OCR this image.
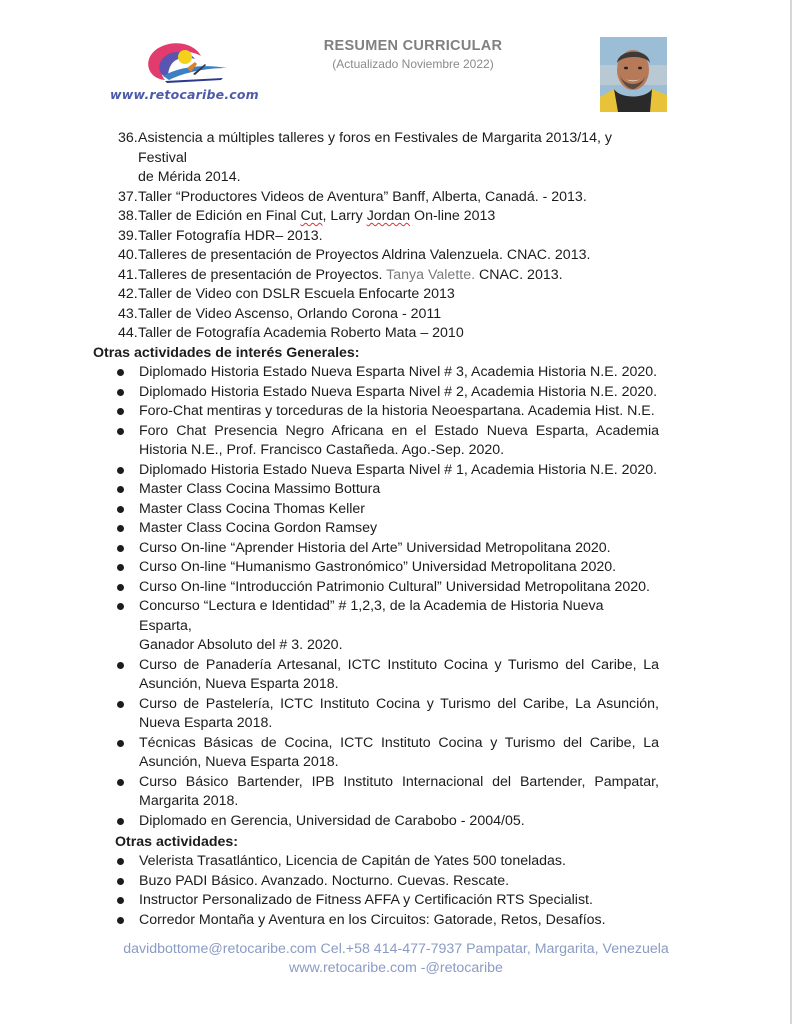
www.retocaribe.com
RESUMEN CURRICULAR
(Actualizado Noviembre 2022)
36. Asistencia a múltiples talleres y foros en Festivales de Margarita 2013/14, y Festival
de Mérida 2014.
37. Taller “Productores Videos de Aventura” Banff, Alberta, Canadá. - 2013.
38. Taller de Edición en Final Cut, Larry Jordan On-line 2013
39. Taller Fotografía HDR– 2013.
40. Talleres de presentación de Proyectos Aldrina Valenzuela. CNAC. 2013.
41. Talleres de presentación de Proyectos. Tanya Valette. CNAC. 2013.
42. Taller de Video con DSLR Escuela Enfocarte 2013
43. Taller de Video Ascenso, Orlando Corona - 2011
44. Taller de Fotografía Academia Roberto Mata – 2010
Otras actividades de interés Generales:
Diplomado Historia Estado Nueva Esparta Nivel # 3, Academia Historia N.E. 2020.
Diplomado Historia Estado Nueva Esparta Nivel # 2, Academia Historia N.E. 2020.
Foro-Chat mentiras y torceduras de la historia Neoespartana. Academia Hist. N.E.
Foro Chat Presencia Negro Africana en el Estado Nueva Esparta, Academia
Historia N.E., Prof. Francisco Castañeda. Ago.-Sep. 2020.
Diplomado Historia Estado Nueva Esparta Nivel # 1, Academia Historia N.E. 2020.
Master Class Cocina Massimo Bottura
Master Class Cocina Thomas Keller
Master Class Cocina Gordon Ramsey
Curso On-line “Aprender Historia del Arte” Universidad Metropolitana 2020.
Curso On-line “Humanismo Gastronómico” Universidad Metropolitana 2020.
Curso On-line “Introducción Patrimonio Cultural” Universidad Metropolitana 2020.
Concurso “Lectura e Identidad” # 1,2,3, de la Academia de Historia Nueva Esparta,
Ganador Absoluto del # 3. 2020.
Curso de Panadería Artesanal, ICTC Instituto Cocina y Turismo del Caribe, La
Asunción, Nueva Esparta 2018.
Curso de Pastelería, ICTC Instituto Cocina y Turismo del Caribe, La Asunción,
Nueva Esparta 2018.
Técnicas Básicas de Cocina, ICTC Instituto Cocina y Turismo del Caribe, La
Asunción, Nueva Esparta 2018.
Curso Básico Bartender, IPB Instituto Internacional del Bartender, Pampatar,
Margarita 2018.
Diplomado en Gerencia, Universidad de Carabobo - 2004/05.
Otras actividades:
Velerista Trasatlántico, Licencia de Capitán de Yates 500 toneladas.
Buzo PADI Básico. Avanzado. Nocturno. Cuevas. Rescate.
Instructor Personalizado de Fitness AFFA y Certificación RTS Specialist.
Corredor Montaña y Aventura en los Circuitos: Gatorade, Retos, Desafíos.
davidbottome@retocaribe.com Cel.+58 414-477-7937 Pampatar, Margarita, Venezuela
www.retocaribe.com -@retocaribe
